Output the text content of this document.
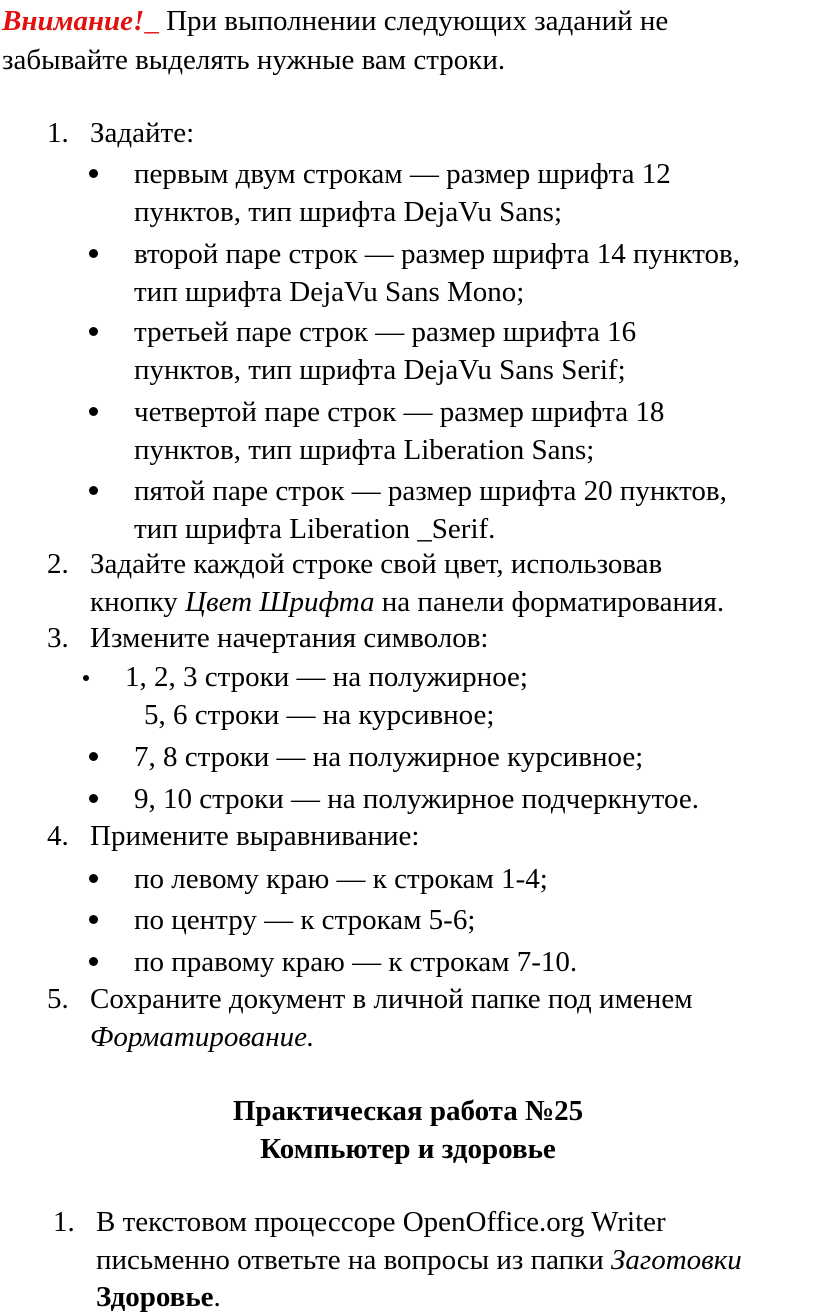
Внимание!_ При выполнении следующих заданий не
забывайте выделять нужные вам строки.
1. Задайте:
первым двум строкам — размер шрифта 12
пунктов, тип шрифта DejaVu Sans;
второй паре строк — размер шрифта 14 пунктов,
тип шрифта DejaVu Sans Mono;
третьей паре строк — размер шрифта 16
пунктов, тип шрифта DejaVu Sans Serif;
четвертой паре строк — размер шрифта 18
пунктов, тип шрифта Liberation Sans;
пятой паре строк — размер шрифта 20 пунктов,
тип шрифта Liberation _Serif.
2. Задайте каждой строке свой цвет, использовав
кнопку Цвет Шрифта на панели форматирования.
3. Измените начертания символов:
1, 2, 3 строки — на полужирное;
5, 6 строки — на курсивное;
7, 8 строки — на полужирное курсивное;
9, 10 строки — на полужирное подчеркнутое.
4. Примените выравнивание:
по левому краю — к строкам 1-4;
по центру — к строкам 5-6;
по правому краю — к строкам 7-10.
5. Сохраните документ в личной папке под именем
Форматирование.
Практическая работа №25
Компьютер и здоровье
1. В текстовом процессоре OpenOffice.org Writer
письменно ответьте на вопросы из папки Заготовки
Здоровье.
